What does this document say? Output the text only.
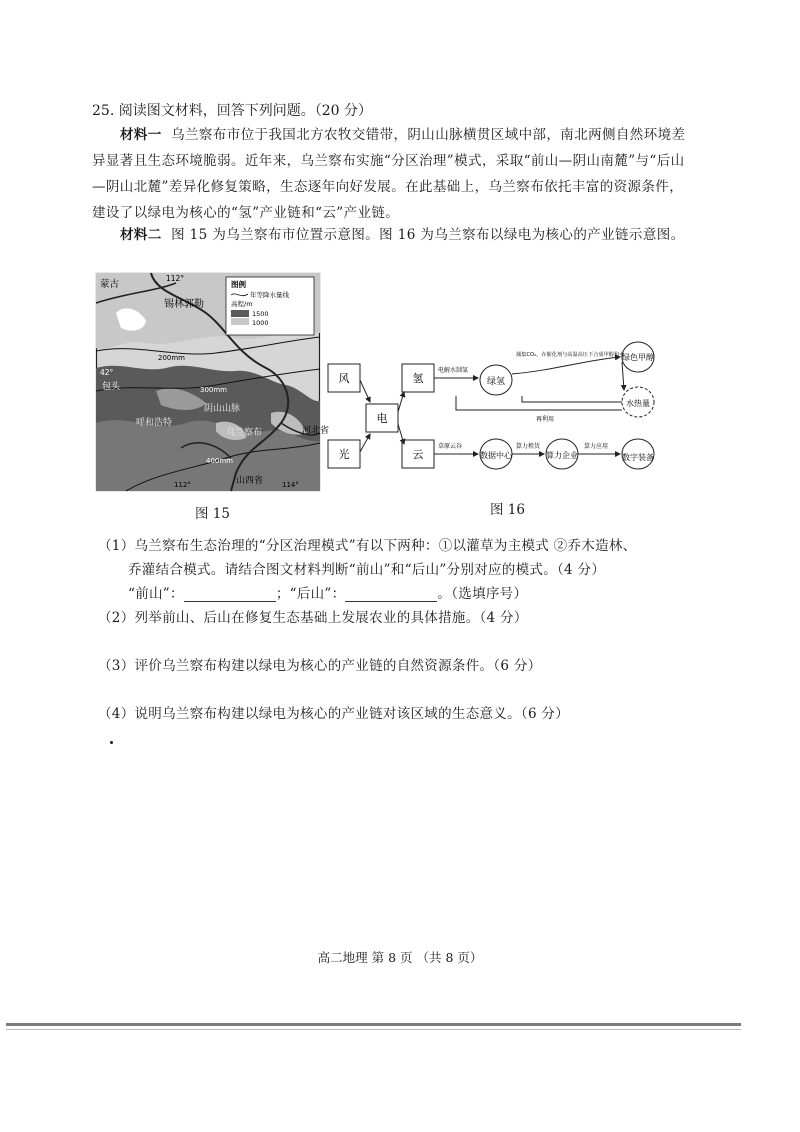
25. 阅读图文材料，回答下列问题。（20 分）
材料一 乌兰察布市位于我国北方农牧交错带，阴山山脉横贯区域中部，南北两侧自然环境差异显著且生态环境脆弱。近年来，乌兰察布实施“分区治理”模式，采取“前山—阴山南麓”与“后山—阴山北麓”差异化修复策略，生态逐年向好发展。在此基础上，乌兰察布依托丰富的资源条件，建设了以绿电为核心的“氢”产业链和“云”产业链。
材料二 图 15 为乌兰察布市位置示意图。图 16 为乌兰察布以绿电为核心的产业链示意图。
图例
年等降水量线
高程/m
1500
1000
蒙古
112°
锡林郭勒
42°
包头
200mm
300mm
阴山山脉
乌兰察布
呼和浩特
400mm
河北省
山西省
112°	114°
图 15
风
光
电
氢
云
绿氢
数据中心	算力企业	数字装备
绿色甲醇
水热量
电解水制氢
捕集CO₂，在催化剂与高温高压下合成甲醇和水。
再利用
草原云谷	算力租赁	算力应用
图 16
（1）乌兰察布生态治理的“分区治理模式”有以下两种：①以灌草为主模式 ②乔木造林、
乔灌结合模式。请结合图文材料判断“前山”和“后山”分别对应的模式。（4 分）
“前山”：	；“后山”：	。（选填序号）
（2）列举前山、后山在修复生态基础上发展农业的具体措施。（4 分）
（3）评价乌兰察布构建以绿电为核心的产业链的自然资源条件。（6 分）
（4）说明乌兰察布构建以绿电为核心的产业链对该区域的生态意义。（6 分）
高二地理 第 8 页 （共 8 页）
